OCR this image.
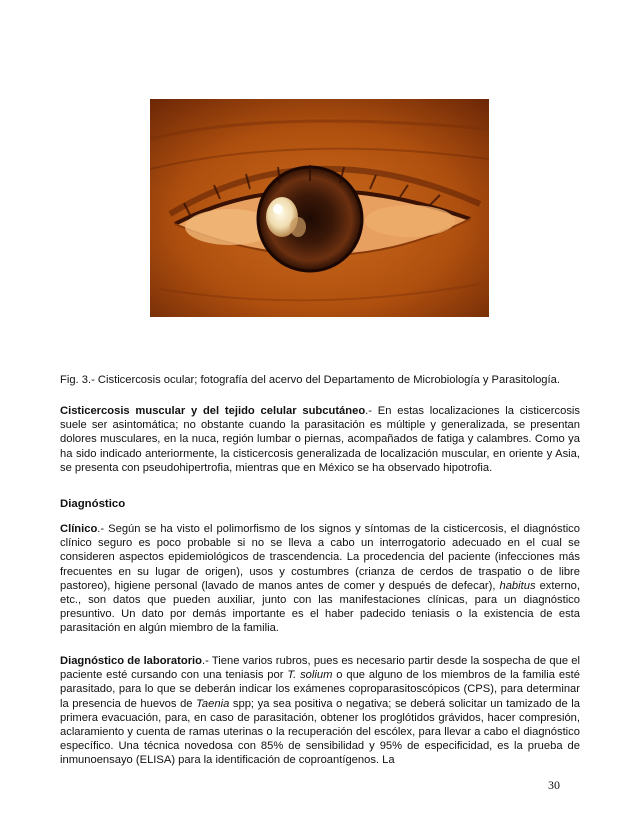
Fig. 3.- Cisticercosis ocular; fotografía del acervo del Departamento de Microbiología y Parasitología.

Cisticercosis muscular y del tejido celular subcutáneo.- En estas localizaciones la cisticercosis suele ser asintomática; no obstante cuando la parasitación es múltiple y generalizada, se presentan dolores musculares, en la nuca, región lumbar o piernas, acompañados de fatiga y calambres. Como ya ha sido indicado anteriormente, la cisticercosis generalizada de localización muscular, en oriente y Asia, se presenta con pseudohipertrofia, mientras que en México se ha observado hipotrofia.

Diagnóstico

Clínico.- Según se ha visto el polimorfismo de los signos y síntomas de la cisticercosis, el diagnóstico clínico seguro es poco probable si no se lleva a cabo un interrogatorio adecuado en el cual se consideren aspectos epidemiológicos de trascendencia. La procedencia del paciente (infecciones más frecuentes en su lugar de origen), usos y costumbres (crianza de cerdos de traspatio o de libre pastoreo), higiene personal (lavado de manos antes de comer y después de defecar), habitus externo, etc., son datos que pueden auxiliar, junto con las manifestaciones clínicas, para un diagnóstico presuntivo. Un dato por demás importante es el haber padecido teniasis o la existencia de esta parasitación en algún miembro de la familia.

Diagnóstico de laboratorio.- Tiene varios rubros, pues es necesario partir desde la sospecha de que el paciente esté cursando con una teniasis por T. solium o que alguno de los miembros de la familia esté parasitado, para lo que se deberán indicar los exámenes coproparasitoscópicos (CPS), para determinar la presencia de huevos de Taenia spp; ya sea positiva o negativa; se deberá solicitar un tamizado de la primera evacuación, para, en caso de parasitación, obtener los proglótidos grávidos, hacer compresión, aclaramiento y cuenta de ramas uterinas o la recuperación del escólex, para llevar a cabo el diagnóstico específico. Una técnica novedosa con 85% de sensibilidad y 95% de especificidad, es la prueba de inmunoensayo (ELISA) para la identificación de coproantígenos. La

30
